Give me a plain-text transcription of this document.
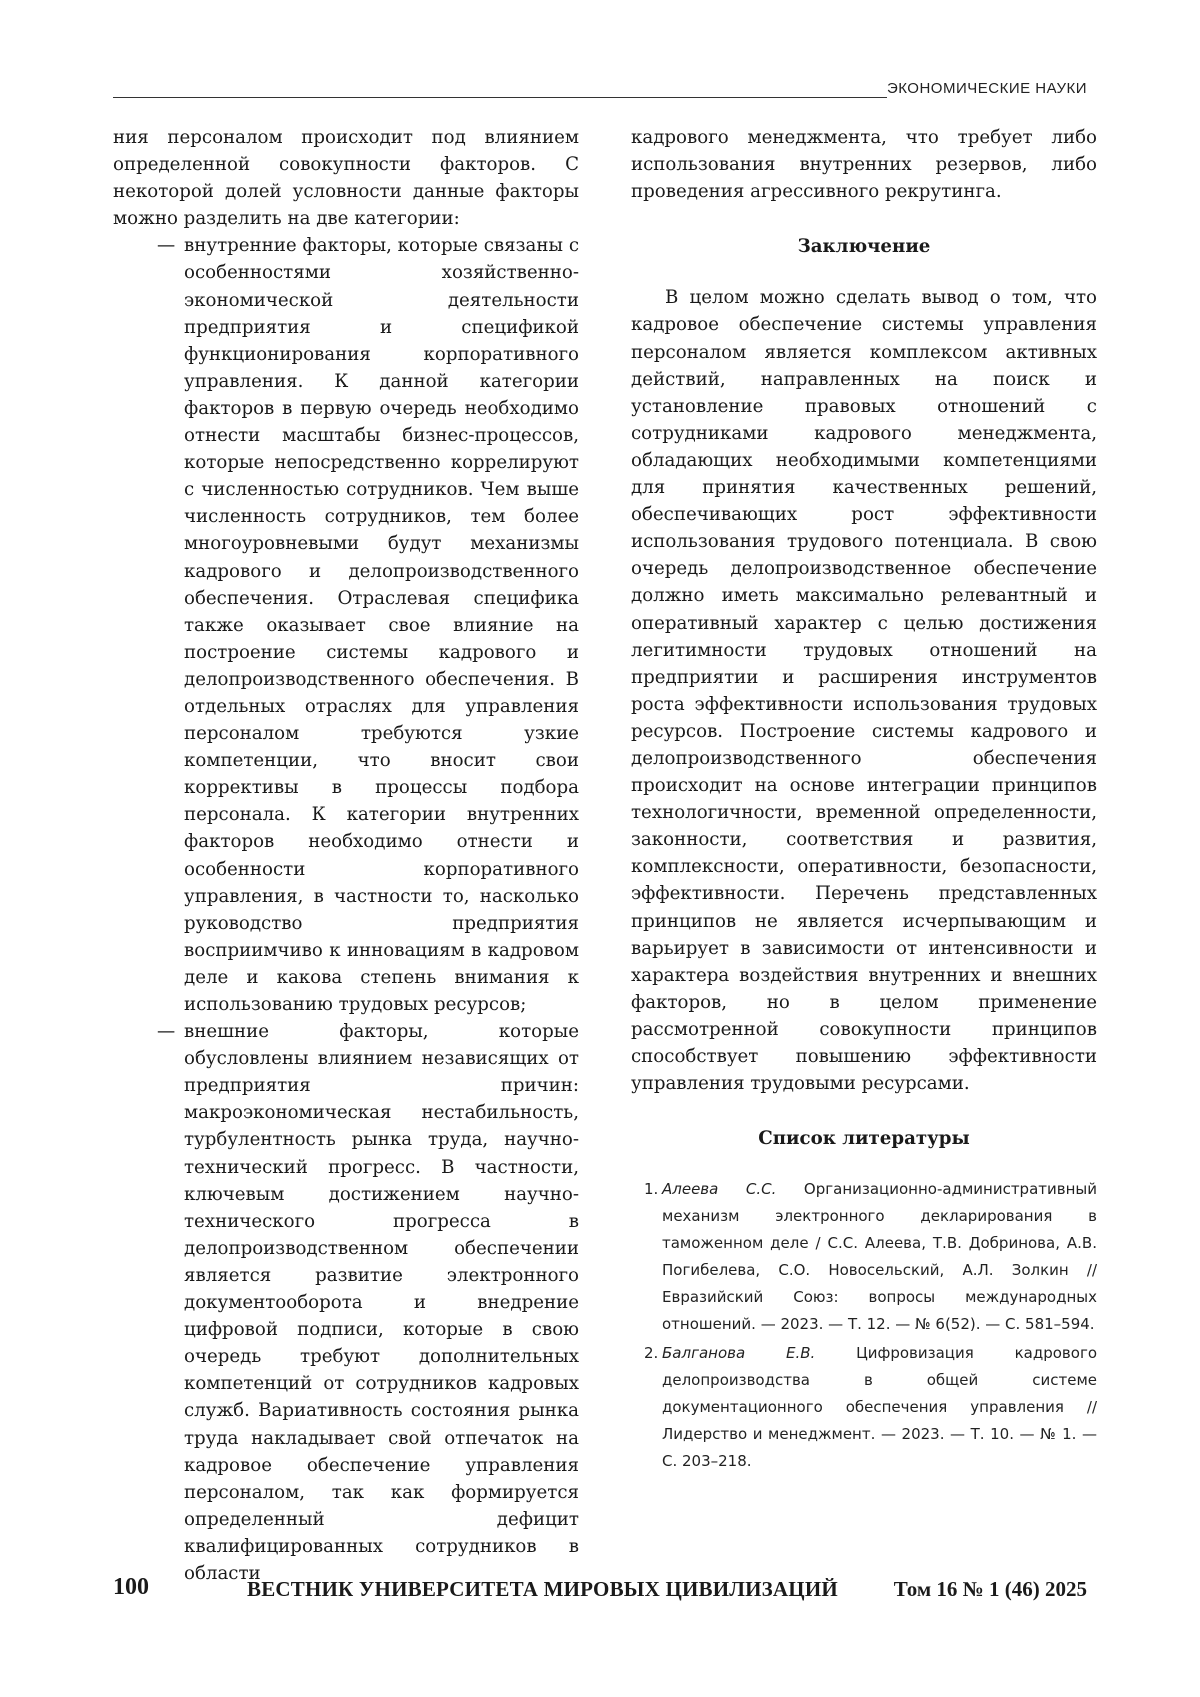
ЭКОНОМИЧЕСКИЕ НАУКИ

ния персоналом происходит под влиянием определенной совокупности факторов. С некоторой долей условности данные факторы можно разделить на две категории:

— внутренние факторы, которые связаны с особенностями хозяйственно-экономической деятельности предприятия и спецификой функционирования корпоративного управления. К данной категории факторов в первую очередь необходимо отнести масштабы бизнес-процессов, которые непосредственно коррелируют с численностью сотрудников. Чем выше численность сотрудников, тем более многоуровневыми будут механизмы кадрового и делопроизводственного обеспечения. Отраслевая специфика также оказывает свое влияние на построение системы кадрового и делопроизводственного обеспечения. В отдельных отраслях для управления персоналом требуются узкие компетенции, что вносит свои коррективы в процессы подбора персонала. К категории внутренних факторов необходимо отнести и особенности корпоративного управления, в частности то, насколько руководство предприятия восприимчиво к инновациям в кадровом деле и какова степень внимания к использованию трудовых ресурсов;

— внешние факторы, которые обусловлены влиянием независящих от предприятия причин: макроэкономическая нестабильность, турбулентность рынка труда, научно-технический прогресс. В частности, ключевым достижением научно-технического прогресса в делопроизводственном обеспечении является развитие электронного документооборота и внедрение цифровой подписи, которые в свою очередь требуют дополнительных компетенций от сотрудников кадровых служб. Вариативность состояния рынка труда накладывает свой отпечаток на кадровое обеспечение управления персоналом, так как формируется определенный дефицит квалифицированных сотрудников в области

кадрового менеджмента, что требует либо использования внутренних резервов, либо проведения агрессивного рекрутинга.

Заключение

В целом можно сделать вывод о том, что кадровое обеспечение системы управления персоналом является комплексом активных действий, направленных на поиск и установление правовых отношений с сотрудниками кадрового менеджмента, обладающих необходимыми компетенциями для принятия качественных решений, обеспечивающих рост эффективности использования трудового потенциала. В свою очередь делопроизводственное обеспечение должно иметь максимально релевантный и оперативный характер с целью достижения легитимности трудовых отношений на предприятии и расширения инструментов роста эффективности использования трудовых ресурсов. Построение системы кадрового и делопроизводственного обеспечения происходит на основе интеграции принципов технологичности, временной определенности, законности, соответствия и развития, комплексности, оперативности, безопасности, эффективности. Перечень представленных принципов не является исчерпывающим и варьирует в зависимости от интенсивности и характера воздействия внутренних и внешних факторов, но в целом применение рассмотренной совокупности принципов способствует повышению эффективности управления трудовыми ресурсами.

Список литературы
1. Алеева С.С. Организационно-административный механизм электронного декларирования в таможенном деле / С.С. Алеева, Т.В. Добринова, А.В. Погибелева, С.О. Новосельский, А.Л. Золкин // Евразийский Союз: вопросы международных отношений. — 2023. — Т. 12. — № 6(52). — С. 581–594.
2. Балганова Е.В. Цифровизация кадрового делопроизводства в общей системе документационного обеспечения управления // Лидерство и менеджмент. — 2023. — Т. 10. — № 1. — С. 203–218.
100	ВЕСТНИК УНИВЕРСИТЕТА МИРОВЫХ ЦИВИЛИЗАЦИЙ	Том 16 № 1 (46) 2025
